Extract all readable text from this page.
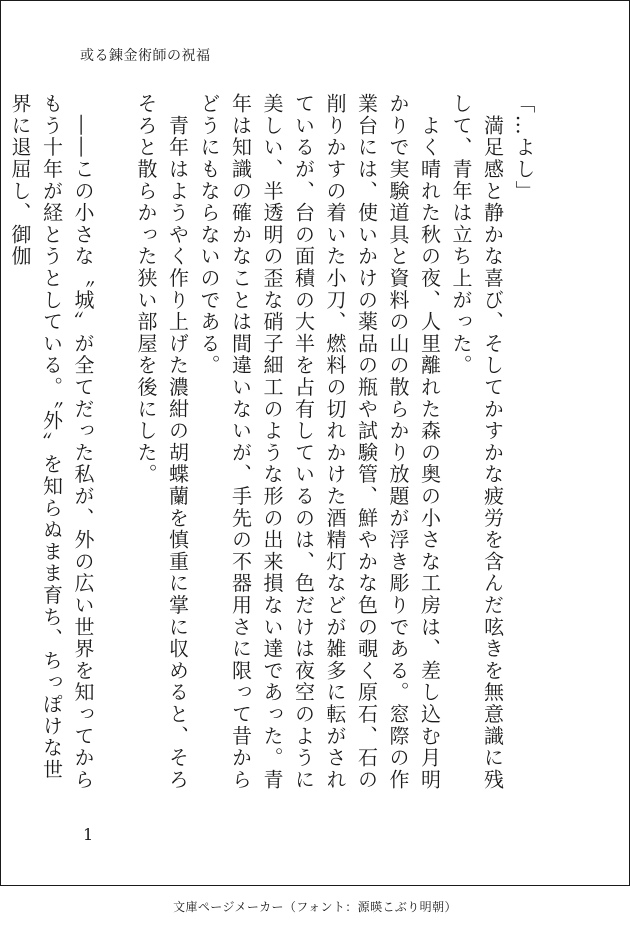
或る錬金術師の祝福

「…よし」

　満足感と静かな喜び、そしてかすかな疲労を含んだ呟きを無意識に残して、青年は立ち上がった。

　よく晴れた秋の夜、人里離れた森の奥の小さな工房は、差し込む月明かりで実験道具と資料の山の散らかり放題が浮き彫りである。窓際の作業台には、使いかけの薬品の瓶や試験管、鮮やかな色の覗く原石、石の削りかすの着いた小刀、燃料の切れかけた酒精灯などが雑多に転がされているが、台の面積の大半を占有しているのは、色だけは夜空のように美しい、半透明の歪な硝子細工のような形の出来損ない達であった。青年は知識の確かなことは間違いないが、手先の不器用さに限って昔からどうにもならないのである。

　青年はようやく作り上げた濃紺の胡蝶蘭を慎重に掌に収めると、そろそろと散らかった狭い部屋を後にした。

　――この小さな〝城〟が全てだった私が、外の広い世界を知ってからもう十年が経とうとしている。〝外〟を知らぬまま育ち、ちっぽけな世界に退屈し、御伽

1
文庫ページメーカー（フォント：源暎こぶり明朝）
